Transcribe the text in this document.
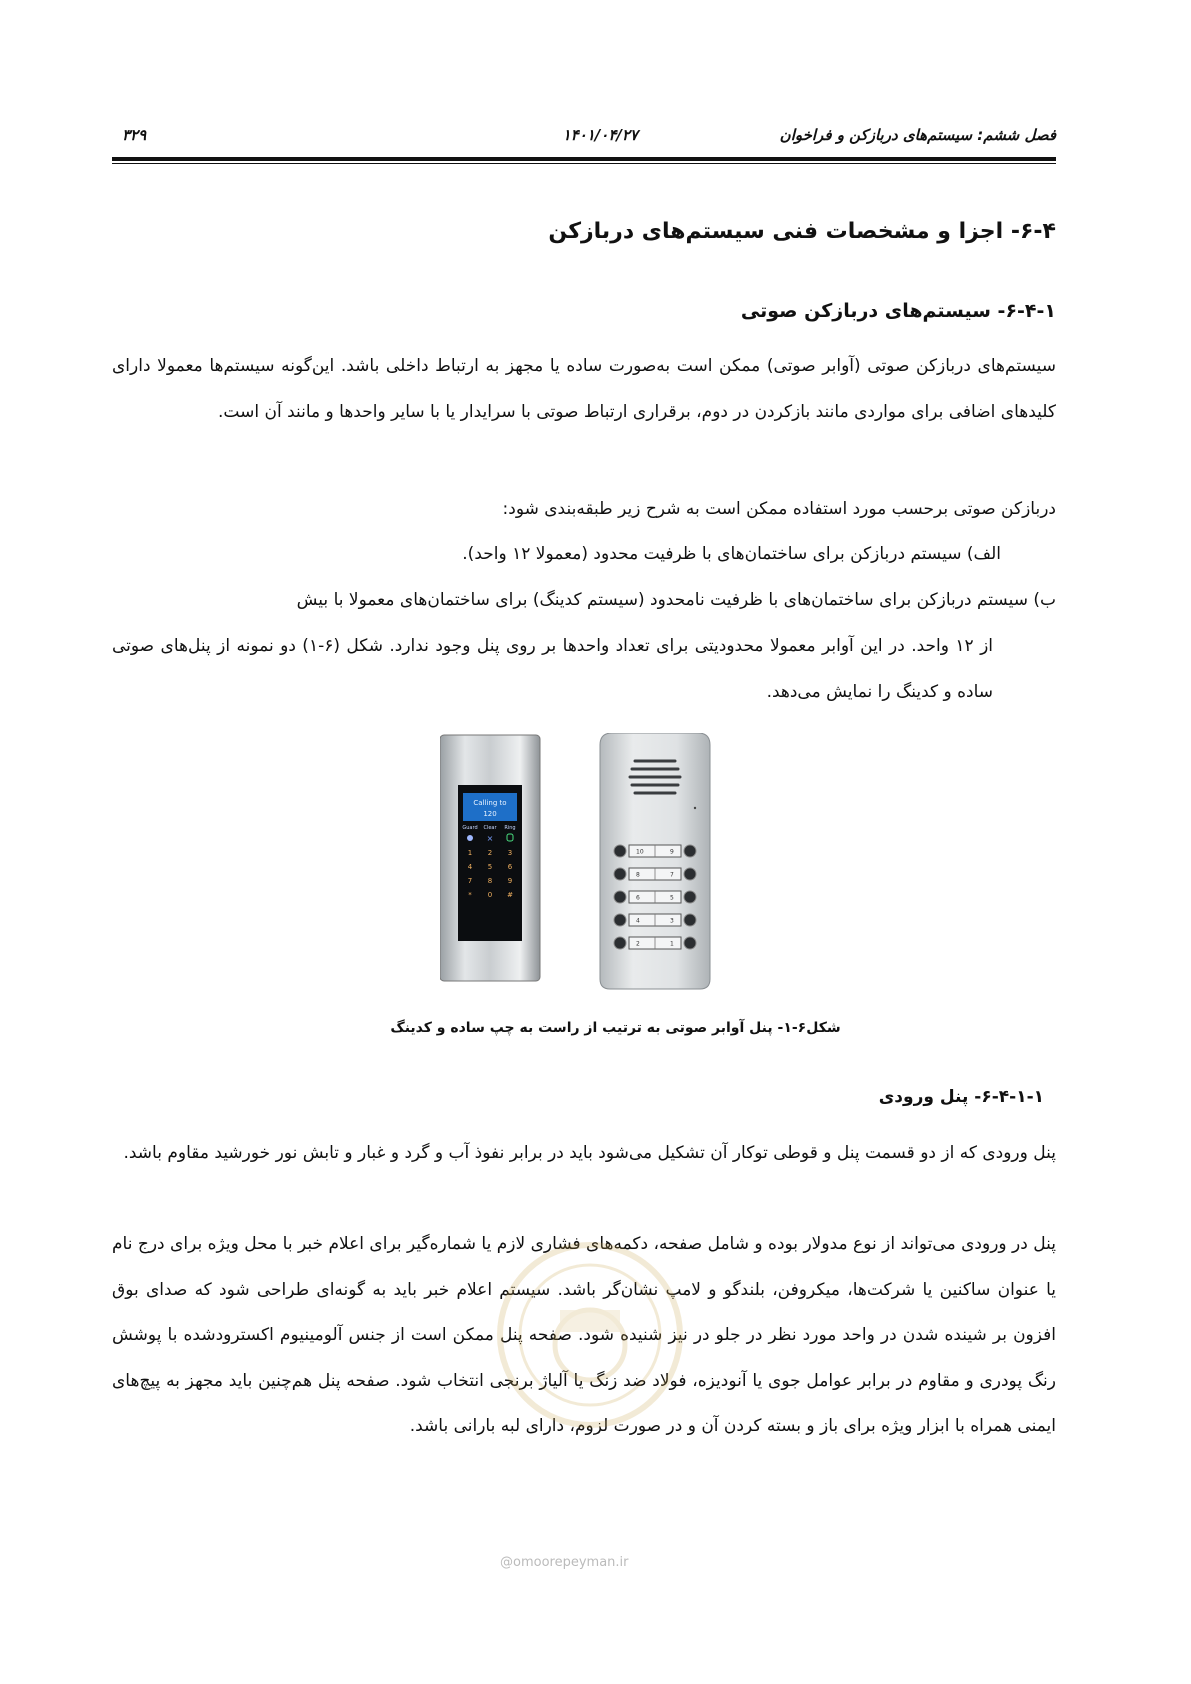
فصل ششم: سیستم‌های دربازکن و فراخوان
۱۴۰۱/۰۴/۲۷
۳۲۹
۶-۴- اجزا و مشخصات فنی سیستم‌های دربازکن
۶-۴-۱- سیستم‌های دربازکن صوتی
سیستم‌های دربازکن صوتی (آوابر صوتی) ممکن است به‌صورت ساده یا مجهز به ارتباط داخلی باشد. این‌گونه سیستم‌ها معمولا دارای کلیدهای اضافی برای مواردی مانند بازکردن در دوم، برقراری ارتباط صوتی با سرایدار یا با سایر واحدها و مانند آن است.
دربازکن صوتی برحسب مورد استفاده ممکن است به شرح زیر طبقه‌بندی شود:
الف) سیستم دربازکن برای ساختمان‌های با ظرفیت محدود (معمولا ۱۲ واحد).
ب) سیستم دربازکن برای ساختمان‌های با ظرفیت نامحدود (سیستم کدینگ) برای ساختمان‌های معمولا با بیش
از ۱۲ واحد. در این آوابر معمولا محدودیتی برای تعداد واحدها بر روی پنل وجود ندارد. شکل (۶-۱) دو نمونه از پنل‌های صوتی ساده و کدینگ را نمایش می‌دهد.
Calling to
120
Guard Clear Ring
×
1 2 3
4 5 6
7 8 9
* 0 #
10	9
8	7
6	5
4	3
2	1
شکل۶-۱- پنل آوابر صوتی به ترتیب از راست به چپ ساده و کدینگ
۶-۴-۱-۱- پنل ورودی
پنل ورودی که از دو قسمت پنل و قوطی توکار آن تشکیل می‌شود باید در برابر نفوذ آب و گرد و غبار و تابش نور خورشید مقاوم باشد.
پنل در ورودی می‌تواند از نوع مدولار بوده و شامل صفحه، دکمه‌های فشاری لازم یا شماره‌گیر برای اعلام خبر با محل ویژه برای درج نام یا عنوان ساکنین یا شرکت‌ها، میکروفن، بلندگو و لامپ نشان‌گر باشد. سیستم اعلام خبر باید به گونه‌ای طراحی شود که صدای بوق افزون بر شینده شدن در واحد مورد نظر در جلو در نیز شنیده شود. صفحه پنل ممکن است از جنس آلومینیوم اکسترودشده با پوشش رنگ پودری و مقاوم در برابر عوامل جوی یا آنودیزه، فولاد ضد زنگ یا آلیاژ برنجی انتخاب شود. صفحه پنل هم‌چنین باید مجهز به پیچ‌های ایمنی همراه با ابزار ویژه برای باز و بسته کردن آن و در صورت لزوم، دارای لبه بارانی باشد.
@omoorepeyman.ir
